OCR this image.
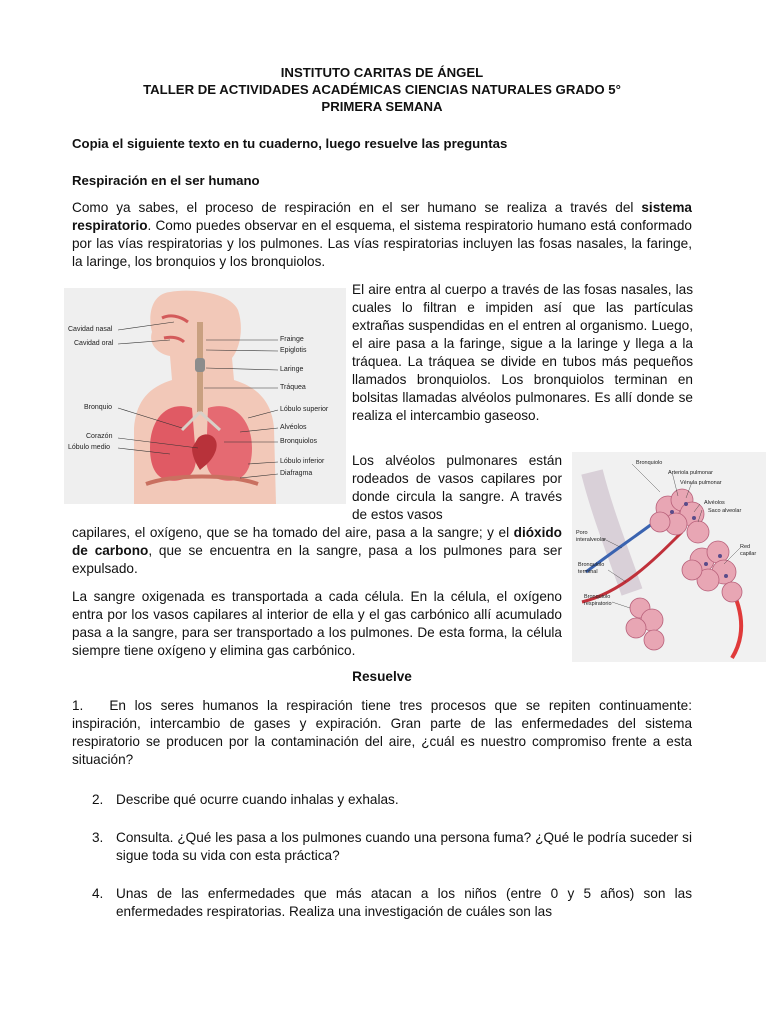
INSTITUTO CARITAS DE ÁNGEL
TALLER DE ACTIVIDADES ACADÉMICAS CIENCIAS NATURALES GRADO 5°
PRIMERA SEMANA
Copia el siguiente texto en tu cuaderno, luego resuelve las preguntas
Respiración en el ser humano

Como ya sabes, el proceso de respiración en el ser humano se realiza a través del sistema respiratorio. Como puedes observar en el esquema, el sistema respiratorio humano está conformado por las vías respiratorias y los pulmones. Las vías respiratorias incluyen las fosas nasales, la faringe, la laringe, los bronquios y los bronquiolos.

Cavidad nasal
Cavidad oral
Bronquio
Corazón
Lóbulo medio
Frainge
Epiglotis
Laringe
Tráquea
Lóbulo superior
Alvéolos
Bronquiolos
Lóbulo inferior
Diafragma

El aire entra al cuerpo a través de las fosas nasales, las cuales lo filtran e impiden así que las partículas extrañas suspendidas en el entren al organismo. Luego, el aire pasa a la faringe, sigue a la laringe y llega a la tráquea. La tráquea se divide en tubos más pequeños llamados bronquiolos. Los bronquiolos terminan en bolsitas llamadas alvéolos pulmonares. Es allí donde se realiza el intercambio gaseoso.

Los alvéolos pulmonares están rodeados de vasos capilares por donde circula la sangre. A través de estos vasos

capilares, el oxígeno, que se ha tomado del aire, pasa a la sangre; y el dióxido de carbono, que se encuentra en la sangre, pasa a los pulmones para ser expulsado.

Bronquiolo
Arteriola pulmonar
Vénula pulmonar
Alvéolos
Saco alveolar
Poro
interalveolar
Red
capilar
Bronquiolo
terminal
Bronquiolo
respiratorio

La sangre oxigenada es transportada a cada célula. En la célula, el oxígeno entra por los vasos capilares al interior de ella y el gas carbónico allí acumulado pasa a la sangre, para ser transportado a los pulmones. De esta forma, la célula siempre tiene oxígeno y elimina gas carbónico.

Resuelve
1. En los seres humanos la respiración tiene tres procesos que se repiten continuamente: inspiración, intercambio de gases y expiración. Gran parte de las enfermedades del sistema respiratorio se producen por la contaminación del aire, ¿cuál es nuestro compromiso frente a esta situación?
2. Describe qué ocurre cuando inhalas y exhalas.
3. Consulta. ¿Qué les pasa a los pulmones cuando una persona fuma? ¿Qué le podría suceder si sigue toda su vida con esta práctica?
4. Unas de las enfermedades que más atacan a los niños (entre 0 y 5 años) son las enfermedades respiratorias. Realiza una investigación de cuáles son las
